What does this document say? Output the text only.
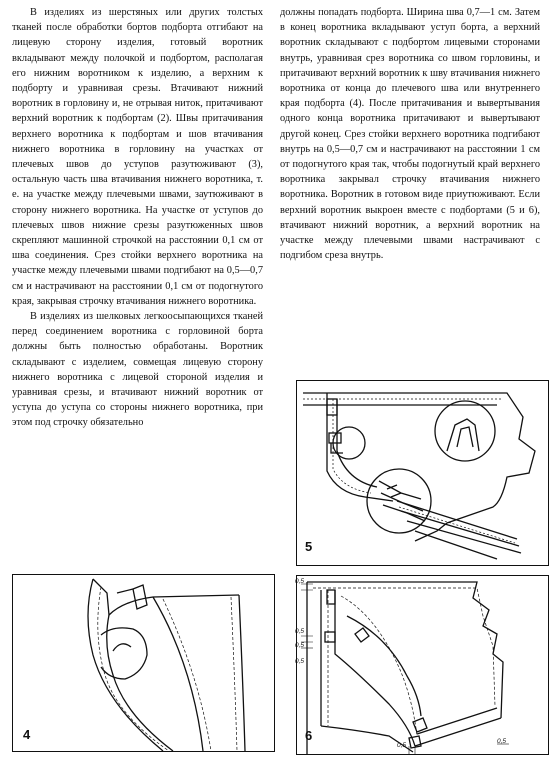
В изделиях из шерстяных или других толстых тканей после обработки бортов подборта отгибают на лицевую сторону изделия, готовый воротник вкладывают между полочкой и подбортом, располагая его нижним воротником к изделию, а верхним к подборту и уравнивая срезы. Втачивают нижний воротник в горловину и, не отрывая ниток, притачивают верхний воротник к подбортам (2). Швы притачивания верхнего воротника к подбортам и шов втачивания нижнего воротника в горловину на участках от плечевых швов до уступов разутюживают (3), остальную часть шва втачивания нижнего воротника, т. е. на участке между плечевыми швами, заутюживают в сторону нижнего воротника. На участке от уступов до плечевых швов нижние срезы разутюженных швов скрепляют машинной строчкой на расстоянии 0,1 см от шва соединения. Срез стойки верхнего воротника на участке между плечевыми швами подгибают на 0,5—0,7 см и настрачивают на расстоянии 0,1 см от подогнутого края, закрывая строчку втачивания нижнего воротника.

В изделиях из шелковых легкоосыпающихся тканей перед соединением воротника с горловиной борта должны быть полностью обработаны. Воротник складывают с изделием, совмещая лицевую сторону нижнего воротника с лицевой стороной изделия и уравнивая срезы, и втачивают нижний воротник от уступа до уступа со стороны нижнего воротника, при этом под строчку обязательно

должны попадать подборта. Ширина шва 0,7—1 см. Затем в конец воротника вкладывают уступ борта, а верхний воротник складывают с подбортом лицевыми сторонами внутрь, уравнивая срез воротника со швом горловины, и притачивают верхний воротник к шву втачивания нижнего воротника от конца до плечевого шва или внутреннего края подборта (4). После притачивания и вывертывания одного конца воротника притачивают и вывертывают другой конец. Срез стойки верхнего воротника подгибают внутрь на 0,5—0,7 см и настрачивают на расстоянии 1 см от подогнутого края так, чтобы подогнутый край верхнего воротника закрывал строчку втачивания нижнего воротника. Воротник в готовом виде приутюживают. Если верхний воротник выкроен вместе с подбортами (5 и 6), втачивают нижний воротник, а верхний воротник на участке между плечевыми швами настрачивают с подгибом среза внутрь.

5
4
0,5
0,5
0,5
0,5
0,5
0,5
6
